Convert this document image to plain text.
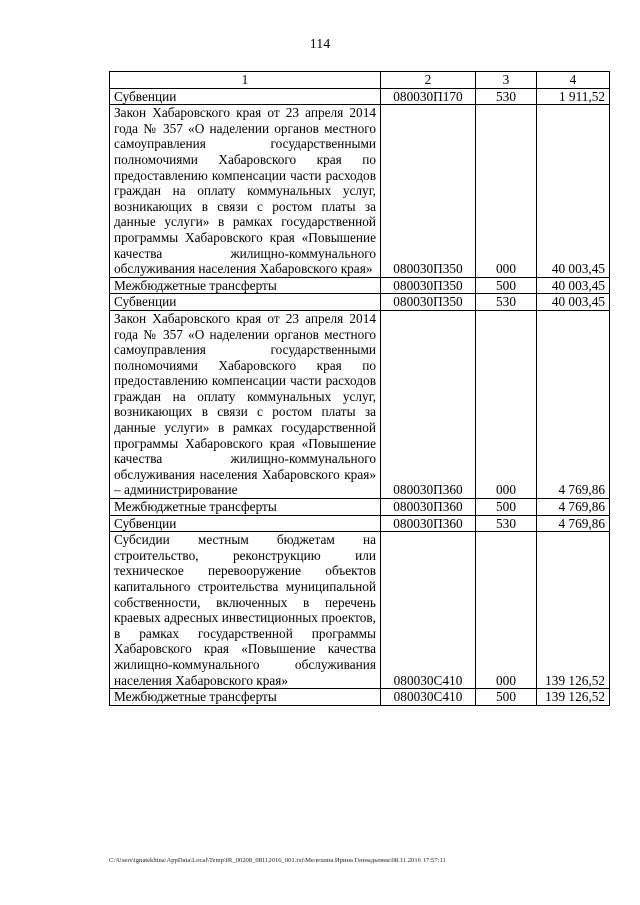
114
1	2	3	4
Субвенции	080030П170	530	1 911,52
Закон Хабаровского края от 23 апреля 2014 года № 357 «О наделении органов местного самоуправления государственными полномочиями Хабаровского края по предоставлению компенсации части расходов граждан на оплату коммунальных услуг, возникающих в связи с ростом платы за данные услуги» в рамках государственной программы Хабаровского края «Повышение качества жилищно-коммунального обслуживания населения Хабаровского края»	080030П350	000	40 003,45
Межбюджетные трансферты	080030П350	500	40 003,45
Субвенции	080030П350	530	40 003,45
Закон Хабаровского края от 23 апреля 2014 года № 357 «О наделении органов местного самоуправления государственными полномочиями Хабаровского края по предоставлению компенсации части расходов граждан на оплату коммунальных услуг, возникающих в связи с ростом платы за данные услуги» в рамках государственной программы Хабаровского края «Повышение качества жилищно-коммунального обслуживания населения Хабаровского края» – администрирование	080030П360	000	4 769,86
Межбюджетные трансферты	080030П360	500	4 769,86
Субвенции	080030П360	530	4 769,86
Субсидии местным бюджетам на строительство, реконструкцию или техническое перевооружение объектов капитального строительства муниципальной собственности, включенных в перечень краевых адресных инвестиционных проектов, в рамках государственной программы Хабаровского края «Повышение качества жилищно-коммунального обслуживания населения Хабаровского края»	080030С410	000	139 126,52
Межбюджетные трансферты	080030С410	500	139 126,52
C:\Users\ignatekhina\AppData\Local\Temp\IR_00208_08112016_001.txt\Мелехина Ирина Геннадьевна\08.11.2016 17:57:11
